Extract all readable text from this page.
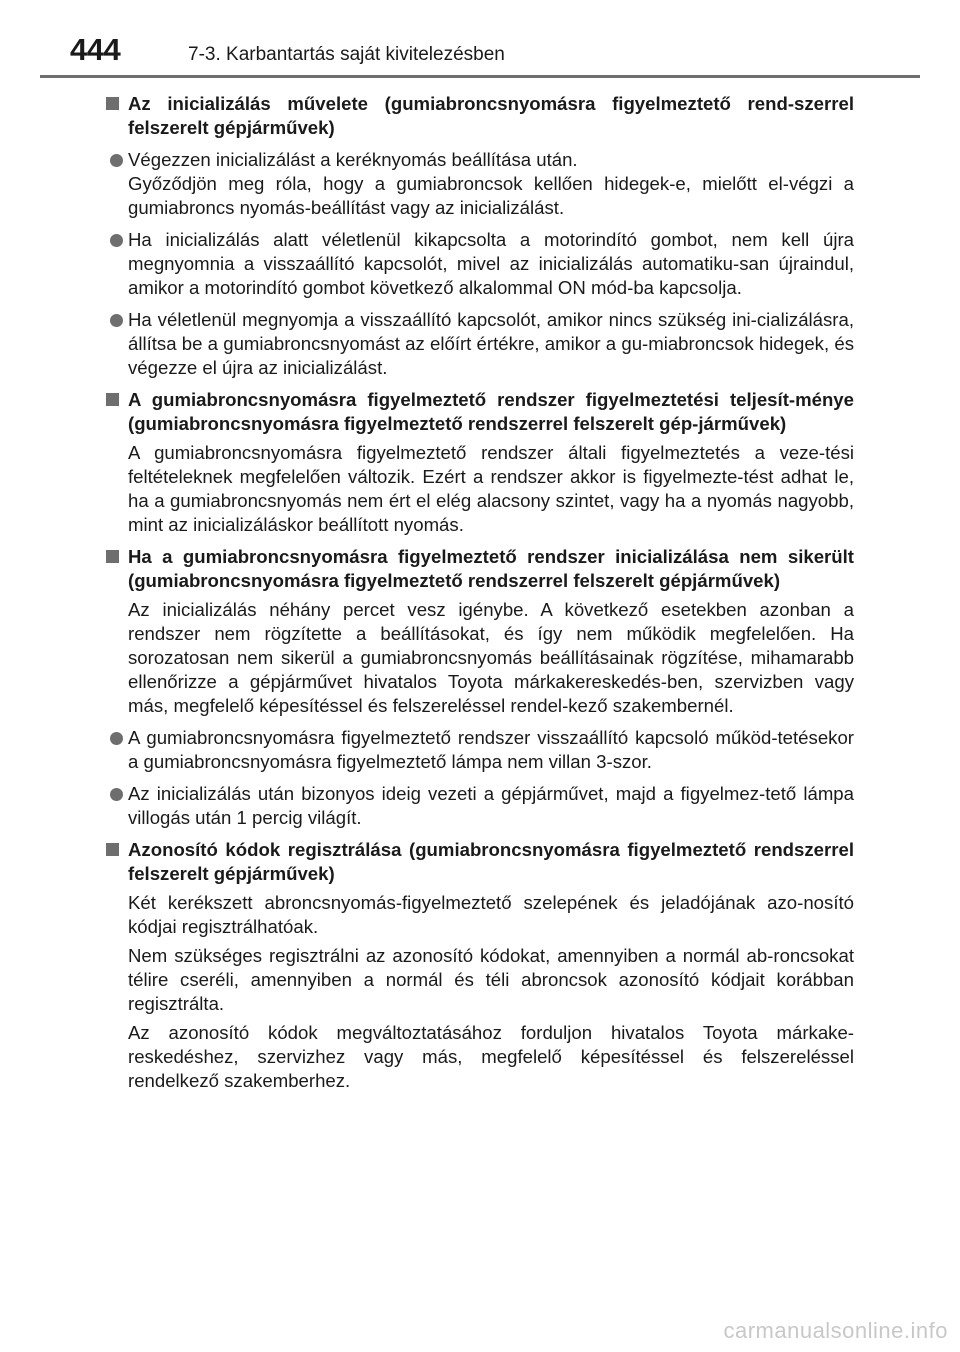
444	7-3. Karbantartás saját kivitelezésben
Az inicializálás művelete (gumiabroncsnyomásra figyelmeztető rend-szerrel felszerelt gépjárművek)
Végezzen inicializálást a keréknyomás beállítása után.
Győződjön meg róla, hogy a gumiabroncsok kellően hidegek-e, mielőtt el-végzi a gumiabroncs nyomás-beállítást vagy az inicializálást.
Ha inicializálás alatt véletlenül kikapcsolta a motorindító gombot, nem kell újra megnyomnia a visszaállító kapcsolót, mivel az inicializálás automatiku-san újraindul, amikor a motorindító gombot következő alkalommal ON mód-ba kapcsolja.
Ha véletlenül megnyomja a visszaállító kapcsolót, amikor nincs szükség ini-cializálásra, állítsa be a gumiabroncsnyomást az előírt értékre, amikor a gu-miabroncsok hidegek, és végezze el újra az inicializálást.
A gumiabroncsnyomásra figyelmeztető rendszer figyelmeztetési teljesít-ménye (gumiabroncsnyomásra figyelmeztető rendszerrel felszerelt gép-járművek)
A gumiabroncsnyomásra figyelmeztető rendszer általi figyelmeztetés a veze-tési feltételeknek megfelelően változik. Ezért a rendszer akkor is figyelmezte-tést adhat le, ha a gumiabroncsnyomás nem ért el elég alacsony szintet, vagy ha a nyomás nagyobb, mint az inicializáláskor beállított nyomás.
Ha a gumiabroncsnyomásra figyelmeztető rendszer inicializálása nem sikerült (gumiabroncsnyomásra figyelmeztető rendszerrel felszerelt gépjárművek)
Az inicializálás néhány percet vesz igénybe. A következő esetekben azonban a rendszer nem rögzítette a beállításokat, és így nem működik megfelelően. Ha sorozatosan nem sikerül a gumiabroncsnyomás beállításainak rögzítése, mihamarabb ellenőrizze a gépjárművet hivatalos Toyota márkakereskedés-ben, szervizben vagy más, megfelelő képesítéssel és felszereléssel rendel-kező szakembernél.
A gumiabroncsnyomásra figyelmeztető rendszer visszaállító kapcsoló működ-tetésekor a gumiabroncsnyomásra figyelmeztető lámpa nem villan 3-szor.
Az inicializálás után bizonyos ideig vezeti a gépjárművet, majd a figyelmez-tető lámpa villogás után 1 percig világít.
Azonosító kódok regisztrálása (gumiabroncsnyomásra figyelmeztető rendszerrel felszerelt gépjárművek)
Két kerékszett abroncsnyomás-figyelmeztető szelepének és jeladójának azo-nosító kódjai regisztrálhatóak.
Nem szükséges regisztrálni az azonosító kódokat, amennyiben a normál ab-roncsokat télire cseréli, amennyiben a normál és téli abroncsok azonosító kódjait korábban regisztrálta.
Az azonosító kódok megváltoztatásához forduljon hivatalos Toyota márkake-reskedéshez, szervizhez vagy más, megfelelő képesítéssel és felszereléssel rendelkező szakemberhez.
carmanualsonline.info
